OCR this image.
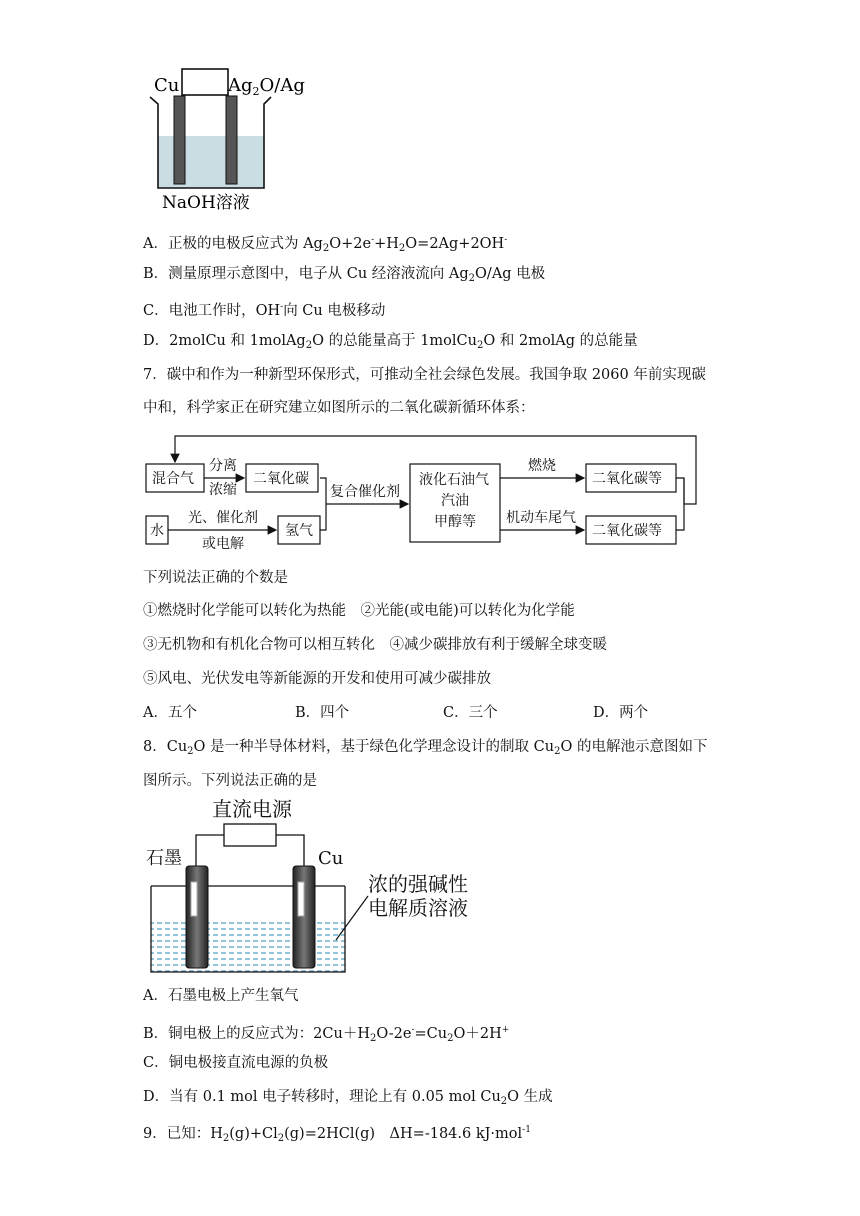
Cu	$Ag_2O/Ag$
NaOH溶液
A．正极的电极反应式为 $Ag_2O+2e^-+H_2O=2Ag+2OH^-$
B．测量原理示意图中，电子从 Cu 经溶液流向 $Ag_2O/Ag$ 电极
C．电池工作时，OH-向 Cu 电极移动
D．2molCu 和 1molAg$_2$O 的总能量高于 1molCu$_2$O 和 2molAg 的总能量
7．碳中和作为一种新型环保形式，可推动全社会绿色发展。我国争取 2060 年前实现碳
中和，科学家正在研究建立如图所示的二氧化碳新循环体系：
混合气
分离
浓缩
二氧化碳
水
光、催化剂
或电解
氢气
复合催化剂
液化石油气
汽油
甲醇等
燃烧
机动车尾气
二氧化碳等
二氧化碳等
下列说法正确的个数是
①燃烧时化学能可以转化为热能　②光能(或电能)可以转化为化学能
③无机物和有机化合物可以相互转化　④减少碳排放有利于缓解全球变暖
⑤风电、光伏发电等新能源的开发和使用可减少碳排放
A．五个	B．四个	C．三个	D．两个
8．$Cu_2O$ 是一种半导体材料，基于绿色化学理念设计的制取 $Cu_2O$ 的电解池示意图如下
图所示。下列说法正确的是
直流电源
石墨	Cu
浓的强碱性
电解质溶液
A．石墨电极上产生氧气
B．铜电极上的反应式为：$2Cu+H_2O-2e^-=Cu_2O+2H^+$
C．铜电极接直流电源的负极
D．当有 0.1 mol 电子转移时，理论上有 0.05 mol $Cu_2O$ 生成
9．已知：$H_2(g)+Cl_2(g)=2HCl(g)$　ΔH=-184.6 kJ·mol$^{-1}$
